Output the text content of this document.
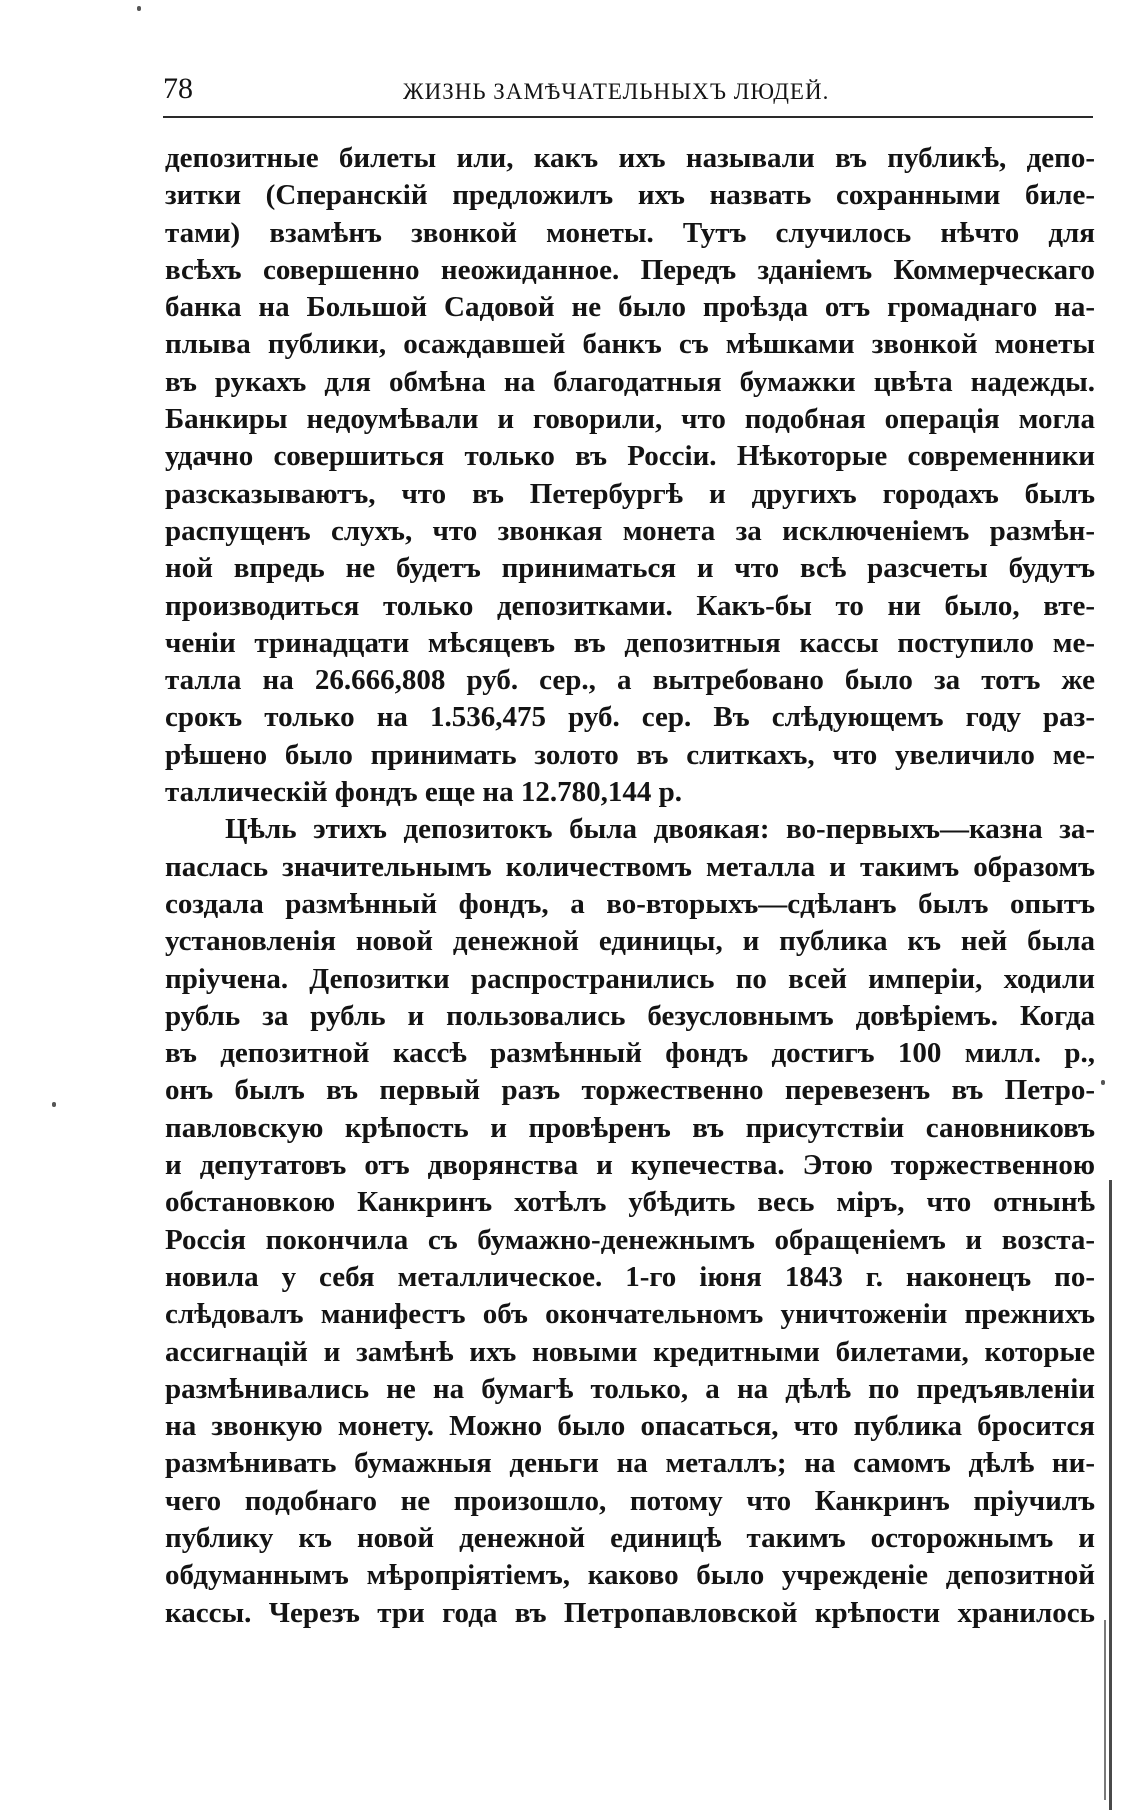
78	ЖИЗНЬ ЗАМѢЧАТЕЛЬНЫХЪ ЛЮДЕЙ.
депозитные билеты или, какъ ихъ называли въ публикѣ, депо-
зитки (Сперанскій предложилъ ихъ назвать сохранными биле-
тами) взамѣнъ звонкой монеты. Тутъ случилось нѣчто для
всѣхъ совершенно неожиданное. Передъ зданіемъ Коммерческаго
банка на Большой Садовой не было проѣзда отъ громаднаго на-
плыва публики, осаждавшей банкъ съ мѣшками звонкой монеты
въ рукахъ для обмѣна на благодатныя бумажки цвѣта надежды.
Банкиры недоумѣвали и говорили, что подобная операція могла
удачно совершиться только въ Россіи. Нѣкоторые современники
разсказываютъ, что въ Петербургѣ и другихъ городахъ былъ
распущенъ слухъ, что звонкая монета за исключеніемъ размѣн-
ной впредь не будетъ приниматься и что всѣ разсчеты будутъ
производиться только депозитками. Какъ-бы то ни было, вте-
ченіи тринадцати мѣсяцевъ въ депозитныя кассы поступило ме-
талла на 26.666,808 руб. сер., а вытребовано было за тотъ же
срокъ только на 1.536,475 руб. сер. Въ слѣдующемъ году раз-
рѣшено было принимать золото въ слиткахъ, что увеличило ме-
таллическій фондъ еще на 12.780,144 р.
Цѣль этихъ депозитокъ была двоякая: во-первыхъ—казна за-
паслась значительнымъ количествомъ металла и такимъ образомъ
создала размѣнный фондъ, а во-вторыхъ—сдѣланъ былъ опытъ
установленія новой денежной единицы, и публика къ ней была
пріучена. Депозитки распространились по всей имперіи, ходили
рубль за рубль и пользовались безусловнымъ довѣріемъ. Когда
въ депозитной кассѣ размѣнный фондъ достигъ 100 милл. р.,
онъ былъ въ первый разъ торжественно перевезенъ въ Петро-
павловскую крѣпость и провѣренъ въ присутствіи сановниковъ
и депутатовъ отъ дворянства и купечества. Этою торжественною
обстановкою Канкринъ хотѣлъ убѣдить весь міръ, что отнынѣ
Россія покончила съ бумажно-денежнымъ обращеніемъ и возста-
новила у себя металлическое. 1-го іюня 1843 г. наконецъ по-
слѣдовалъ манифестъ объ окончательномъ уничтоженіи прежнихъ
ассигнацій и замѣнѣ ихъ новыми кредитными билетами, которые
размѣнивались не на бумагѣ только, а на дѣлѣ по предъявленіи
на звонкую монету. Можно было опасаться, что публика бросится
размѣнивать бумажныя деньги на металлъ; на самомъ дѣлѣ ни-
чего подобнаго не произошло, потому что Канкринъ пріучилъ
публику къ новой денежной единицѣ такимъ осторожнымъ и
обдуманнымъ мѣропріятіемъ, каково было учрежденіе депозитной
кассы. Черезъ три года въ Петропавловской крѣпости хранилось
